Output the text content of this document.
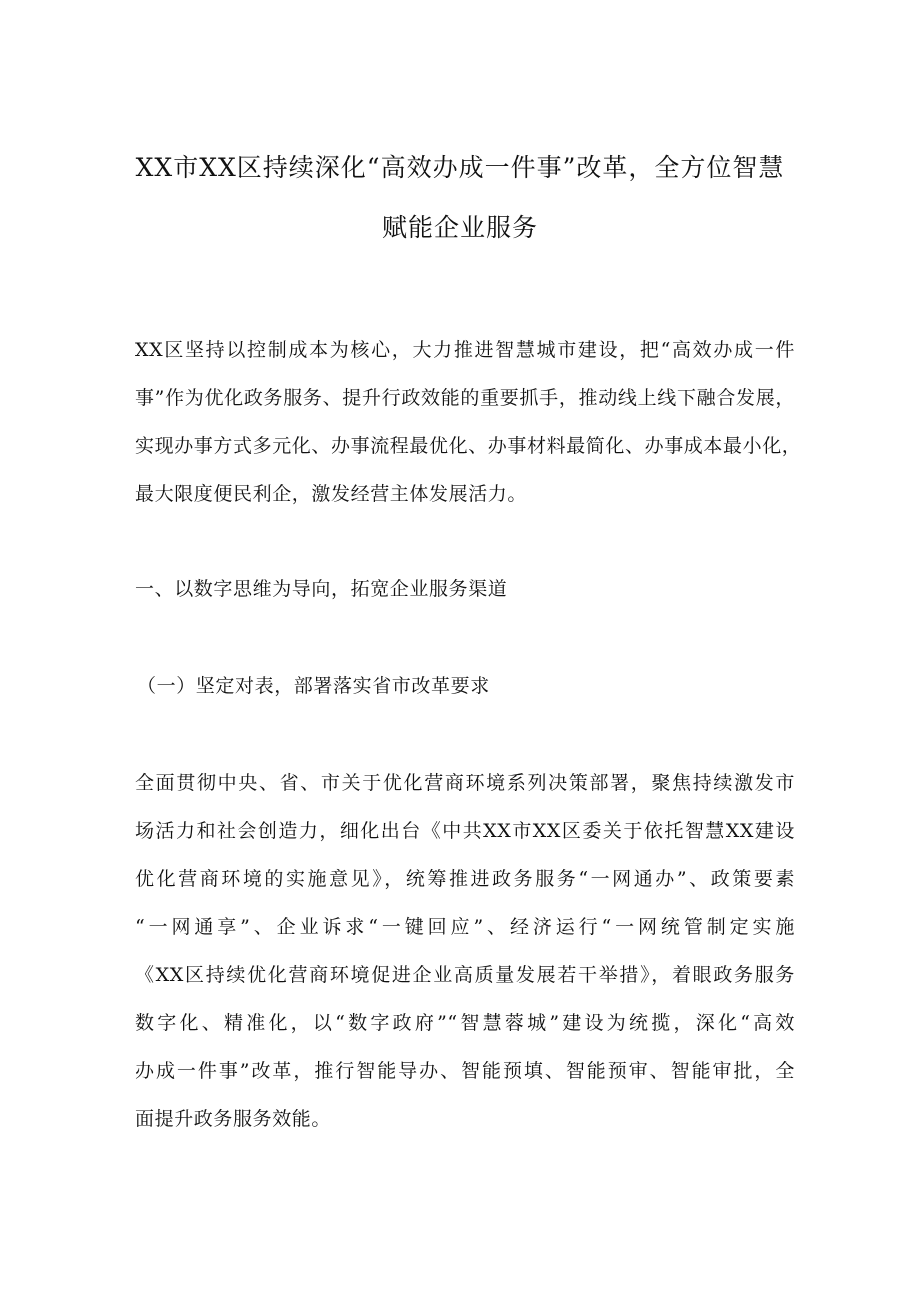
XX市XX区持续深化“高效办成一件事”改革，全方位智慧
赋能企业服务
XX区坚持以控制成本为核心，大力推进智慧城市建设，把“高效办成一件
事”作为优化政务服务、提升行政效能的重要抓手，推动线上线下融合发展，
实现办事方式多元化、办事流程最优化、办事材料最简化、办事成本最小化，
最大限度便民利企，激发经营主体发展活力。
一、以数字思维为导向，拓宽企业服务渠道
（一）坚定对表，部署落实省市改革要求
全面贯彻中央、省、市关于优化营商环境系列决策部署，聚焦持续激发市
场活力和社会创造力，细化出台《中共XX市XX区委关于依托智慧XX建设
优化营商环境的实施意见》，统筹推进政务服务“一网通办”、政策要素
“一网通享”、企业诉求“一键回应”、经济运行“一网统管制定实施
《XX区持续优化营商环境促进企业高质量发展若干举措》，着眼政务服务
数字化、精准化，以“数字政府”“智慧蓉城”建设为统揽，深化“高效
办成一件事”改革，推行智能导办、智能预填、智能预审、智能审批，全
面提升政务服务效能。
